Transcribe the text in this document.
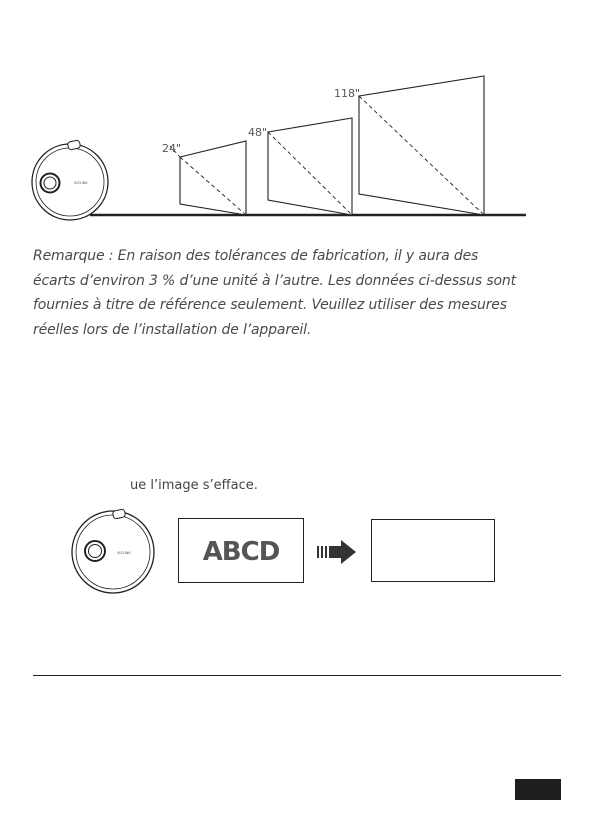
VIZLINK
24"
48"
118"
VIZLINK
Remarque : En raison des tolérances de fabrication, il y aura des
écarts d’environ 3 % d’une unité à l’autre. Les données ci-dessus sont
fournies à titre de référence seulement. Veuillez utiliser des mesures
réelles lors de l’installation de l’appareil.
ue l’image s’efface.
ABCD
